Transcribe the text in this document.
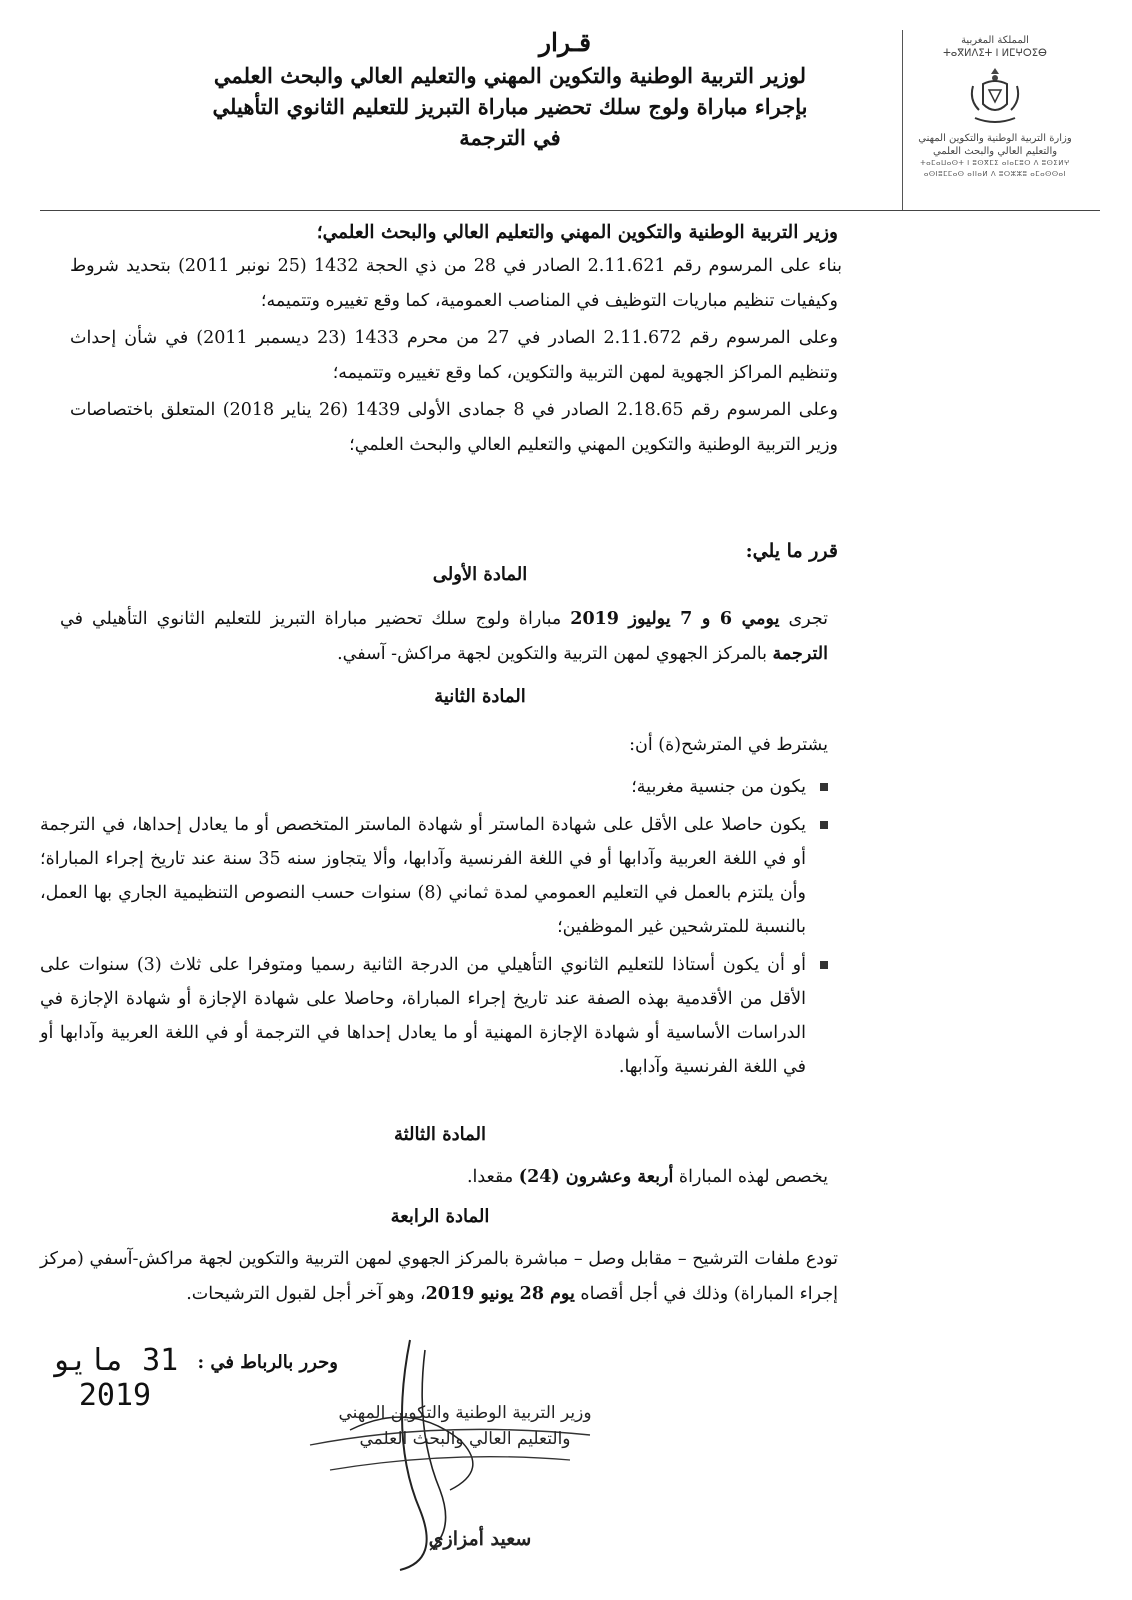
المملكة المغربية
ⵜⴰⴳⵍⴷⵉⵜ ⵏ ⵍⵎⵖⵔⵉⴱ
وزارة التربية الوطنية والتكوين المهني والتعليم العالي والبحث العلمي
ⵜⴰⵎⴰⵡⴰⵙⵜ ⵏ ⵓⵙⴳⵎⵉ ⴰⵏⴰⵎⵓⵔ ⴷ ⵓⵙⵉⵍⵖ
ⴰⵙⵏⵓⵎⵎⴰⵙ ⴰⵏⵏⴰⵍ ⴷ ⵓⵔⵣⵣⵓ ⴰⵎⴰⵙⵙⴰⵏ
قـرار
لوزير التربية الوطنية والتكوين المهني والتعليم العالي والبحث العلمي
بإجراء مباراة ولوج سلك تحضير مباراة التبريز للتعليم الثانوي التأهيلي
في الترجمة
وزير التربية الوطنية والتكوين المهني والتعليم العالي والبحث العلمي؛
بناء على المرسوم رقم 2.11.621 الصادر في 28 من ذي الحجة 1432 (25 نونبر 2011) بتحديد شروط وكيفيات تنظيم مباريات التوظيف في المناصب العمومية، كما وقع تغييره وتتميمه؛
وعلى المرسوم رقم 2.11.672 الصادر في 27 من محرم 1433 (23 ديسمبر 2011) في شأن إحداث وتنظيم المراكز الجهوية لمهن التربية والتكوين، كما وقع تغييره وتتميمه؛
وعلى المرسوم رقم 2.18.65 الصادر في 8 جمادى الأولى 1439 (26 يناير 2018) المتعلق باختصاصات وزير التربية الوطنية والتكوين المهني والتعليم العالي والبحث العلمي؛
قرر ما يلي:
المادة الأولى
تجرى يومي 6 و 7 يوليوز 2019 مباراة ولوج سلك تحضير مباراة التبريز للتعليم الثانوي التأهيلي في الترجمة بالمركز الجهوي لمهن التربية والتكوين لجهة مراكش- آسفي.
المادة الثانية
يشترط في المترشح(ة) أن:
يكون من جنسية مغربية؛
يكون حاصلا على الأقل على شهادة الماستر أو شهادة الماستر المتخصص أو ما يعادل إحداها، في الترجمة أو في اللغة العربية وآدابها أو في اللغة الفرنسية وآدابها، وألا يتجاوز سنه 35 سنة عند تاريخ إجراء المباراة؛ وأن يلتزم بالعمل في التعليم العمومي لمدة ثماني (8) سنوات حسب النصوص التنظيمية الجاري بها العمل، بالنسبة للمترشحين غير الموظفين؛
أو أن يكون أستاذا للتعليم الثانوي التأهيلي من الدرجة الثانية رسميا ومتوفرا على ثلاث (3) سنوات على الأقل من الأقدمية بهذه الصفة عند تاريخ إجراء المباراة، وحاصلا على شهادة الإجازة أو شهادة الإجازة في الدراسات الأساسية أو شهادة الإجازة المهنية أو ما يعادل إحداها في الترجمة أو في اللغة العربية وآدابها أو في اللغة الفرنسية وآدابها.
المادة الثالثة
يخصص لهذه المباراة أربعة وعشرون (24) مقعدا.
المادة الرابعة
تودع ملفات الترشيح – مقابل وصل – مباشرة بالمركز الجهوي لمهن التربية والتكوين لجهة مراكش-آسفي (مركز إجراء المباراة) وذلك في أجل أقصاه يوم 28 يونيو 2019، وهو آخر أجل لقبول الترشيحات.
وحرر بالرباط في :
31 مايو 2019	وزير التربية الوطنية والتكوين المهني
والتعليم العالي والبحث العلمي
سعيد أمزازي
